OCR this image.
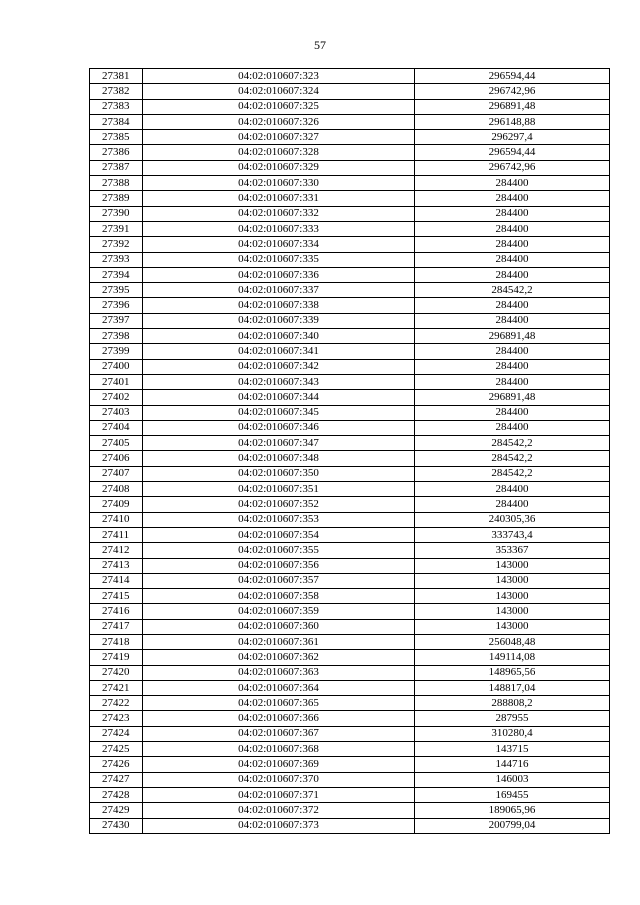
57
27381	04:02:010607:323	296594,44
27382	04:02:010607:324	296742,96
27383	04:02:010607:325	296891,48
27384	04:02:010607:326	296148,88
27385	04:02:010607:327	296297,4
27386	04:02:010607:328	296594,44
27387	04:02:010607:329	296742,96
27388	04:02:010607:330	284400
27389	04:02:010607:331	284400
27390	04:02:010607:332	284400
27391	04:02:010607:333	284400
27392	04:02:010607:334	284400
27393	04:02:010607:335	284400
27394	04:02:010607:336	284400
27395	04:02:010607:337	284542,2
27396	04:02:010607:338	284400
27397	04:02:010607:339	284400
27398	04:02:010607:340	296891,48
27399	04:02:010607:341	284400
27400	04:02:010607:342	284400
27401	04:02:010607:343	284400
27402	04:02:010607:344	296891,48
27403	04:02:010607:345	284400
27404	04:02:010607:346	284400
27405	04:02:010607:347	284542,2
27406	04:02:010607:348	284542,2
27407	04:02:010607:350	284542,2
27408	04:02:010607:351	284400
27409	04:02:010607:352	284400
27410	04:02:010607:353	240305,36
27411	04:02:010607:354	333743,4
27412	04:02:010607:355	353367
27413	04:02:010607:356	143000
27414	04:02:010607:357	143000
27415	04:02:010607:358	143000
27416	04:02:010607:359	143000
27417	04:02:010607:360	143000
27418	04:02:010607:361	256048,48
27419	04:02:010607:362	149114,08
27420	04:02:010607:363	148965,56
27421	04:02:010607:364	148817,04
27422	04:02:010607:365	288808,2
27423	04:02:010607:366	287955
27424	04:02:010607:367	310280,4
27425	04:02:010607:368	143715
27426	04:02:010607:369	144716
27427	04:02:010607:370	146003
27428	04:02:010607:371	169455
27429	04:02:010607:372	189065,96
27430	04:02:010607:373	200799,04
